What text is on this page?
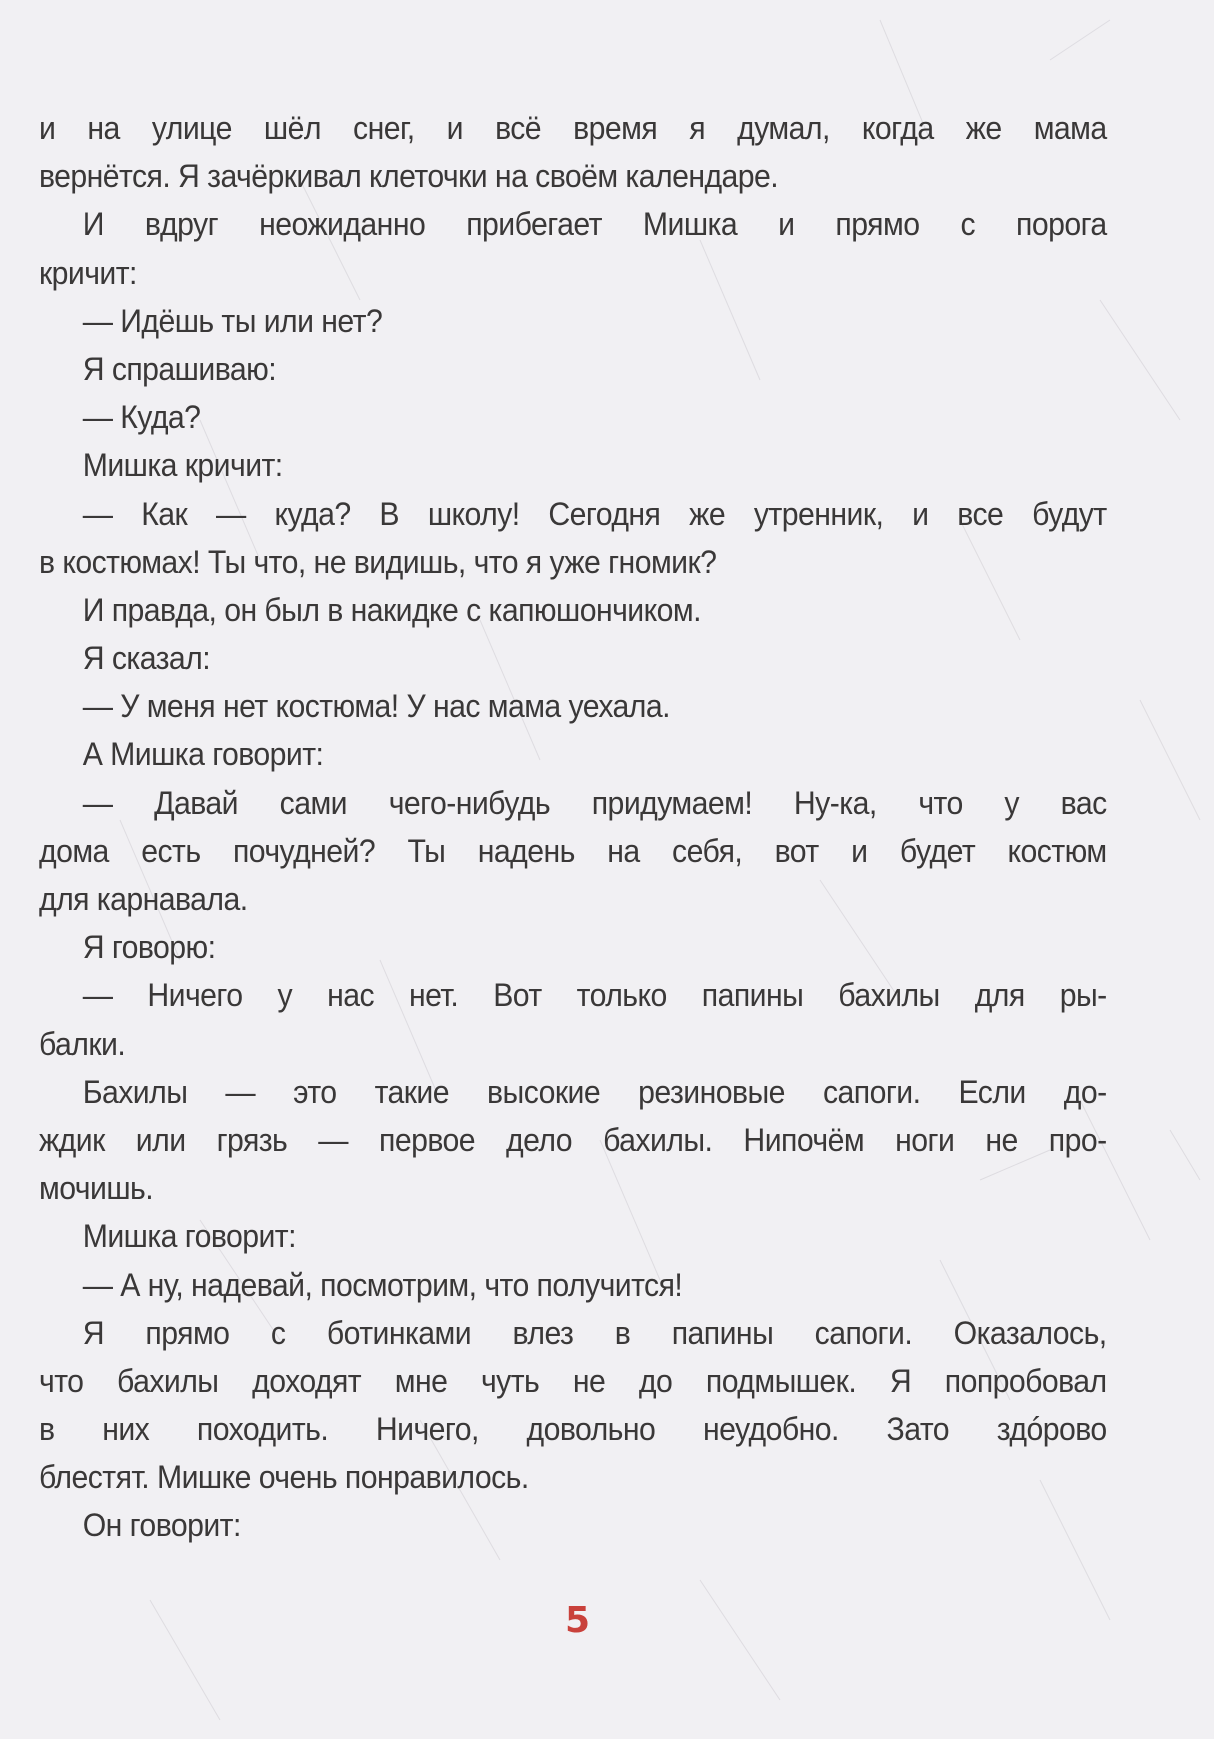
и на улице шёл снег, и всё время я думал, когда же мама
вернётся. Я зачёркивал клеточки на своём календаре.
И вдруг неожиданно прибегает Мишка и прямо с порога
кричит:
— Идёшь ты или нет?
Я спрашиваю:
— Куда?
Мишка кричит:
— Как — куда? В школу! Сегодня же утренник, и все будут
в костюмах! Ты что, не видишь, что я уже гномик?
И правда, он был в накидке с капюшончиком.
Я сказал:
— У меня нет костюма! У нас мама уехала.
А Мишка говорит:
— Давай сами чего-нибудь придумаем! Ну-ка, что у вас
дома есть почудней? Ты надень на себя, вот и будет костюм
для карнавала.
Я говорю:
— Ничего у нас нет. Вот только папины бахилы для ры-
балки.
Бахилы — это такие высокие резиновые сапоги. Если до-
ждик или грязь — первое дело бахилы. Нипочём ноги не про-
мочишь.
Мишка говорит:
— А ну, надевай, посмотрим, что получится!
Я прямо с ботинками влез в папины сапоги. Оказалось,
что бахилы доходят мне чуть не до подмышек. Я попробовал
в них походить. Ничего, довольно неудобно. Зато здóрово
блестят. Мишке очень понравилось.
Он говорит:
5
